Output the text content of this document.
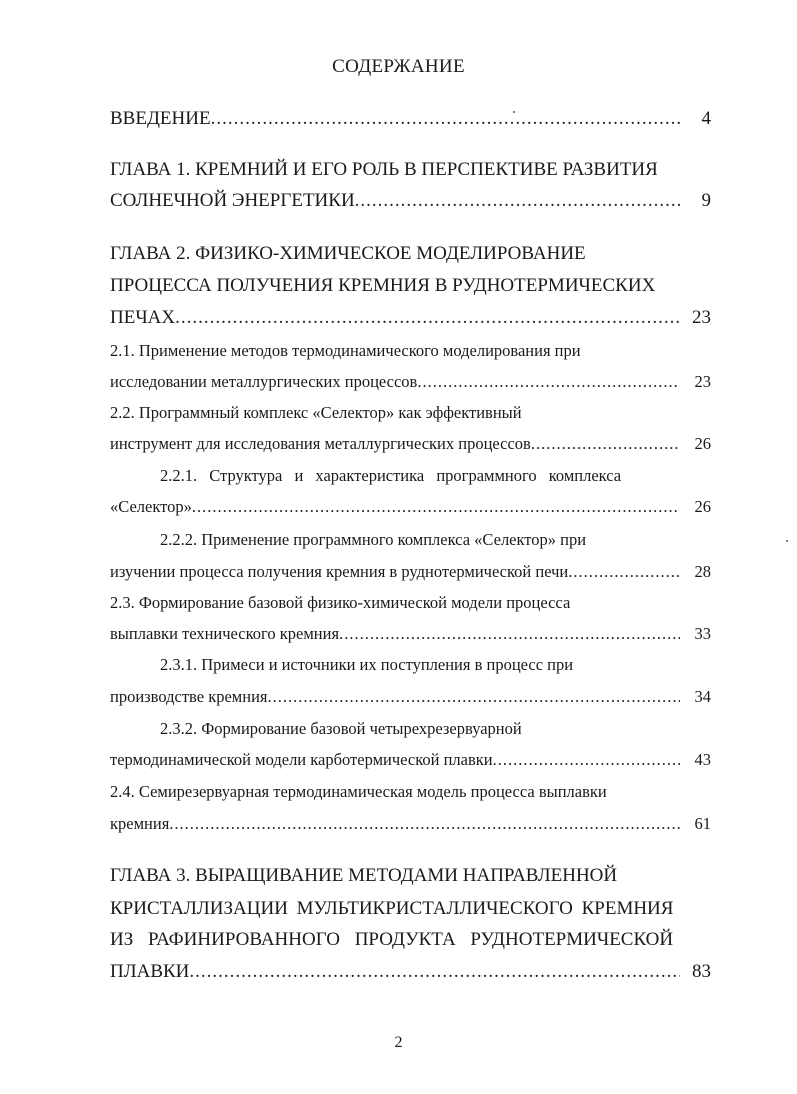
СОДЕРЖАНИЕ
ВВЕДЕНИЕ .....	4
ГЛАВА 1. КРЕМНИЙ И ЕГО РОЛЬ В ПЕРСПЕКТИВЕ РАЗВИТИЯ
СОЛНЕЧНОЙ ЭНЕРГЕТИКИ .....	9
ГЛАВА 2. ФИЗИКО-ХИМИЧЕСКОЕ МОДЕЛИРОВАНИЕ
ПРОЦЕССА ПОЛУЧЕНИЯ КРЕМНИЯ В РУДНОТЕРМИЧЕСКИХ
ПЕЧАХ .....	23
2.1. Применение методов термодинамического моделирования при
исследовании металлургических процессов .....	23
2.2. Программный комплекс «Селектор» как эффективный
инструмент для исследования металлургических процессов .....	26
2.2.1. Структура и характеристика программного комплекса
«Селектор» .....	26
2.2.2. Применение программного комплекса «Селектор» при
изучении процесса получения кремния в руднотермической печи .....	28
2.3. Формирование базовой физико-химической модели процесса
выплавки технического кремния .....	33
2.3.1. Примеси и источники их поступления в процесс при
производстве кремния .....	34
2.3.2. Формирование базовой четырехрезервуарной
термодинамической модели карботермической плавки .....	43
2.4. Семирезервуарная термодинамическая модель процесса выплавки
кремния .....	61
ГЛАВА 3. ВЫРАЩИВАНИЕ МЕТОДАМИ НАПРАВЛЕННОЙ
КРИСТАЛЛИЗАЦИИ МУЛЬТИКРИСТАЛЛИЧЕСКОГО КРЕМНИЯ
ИЗ РАФИНИРОВАННОГО ПРОДУКТА РУДНОТЕРМИЧЕСКОЙ
ПЛАВКИ .....	83
2
